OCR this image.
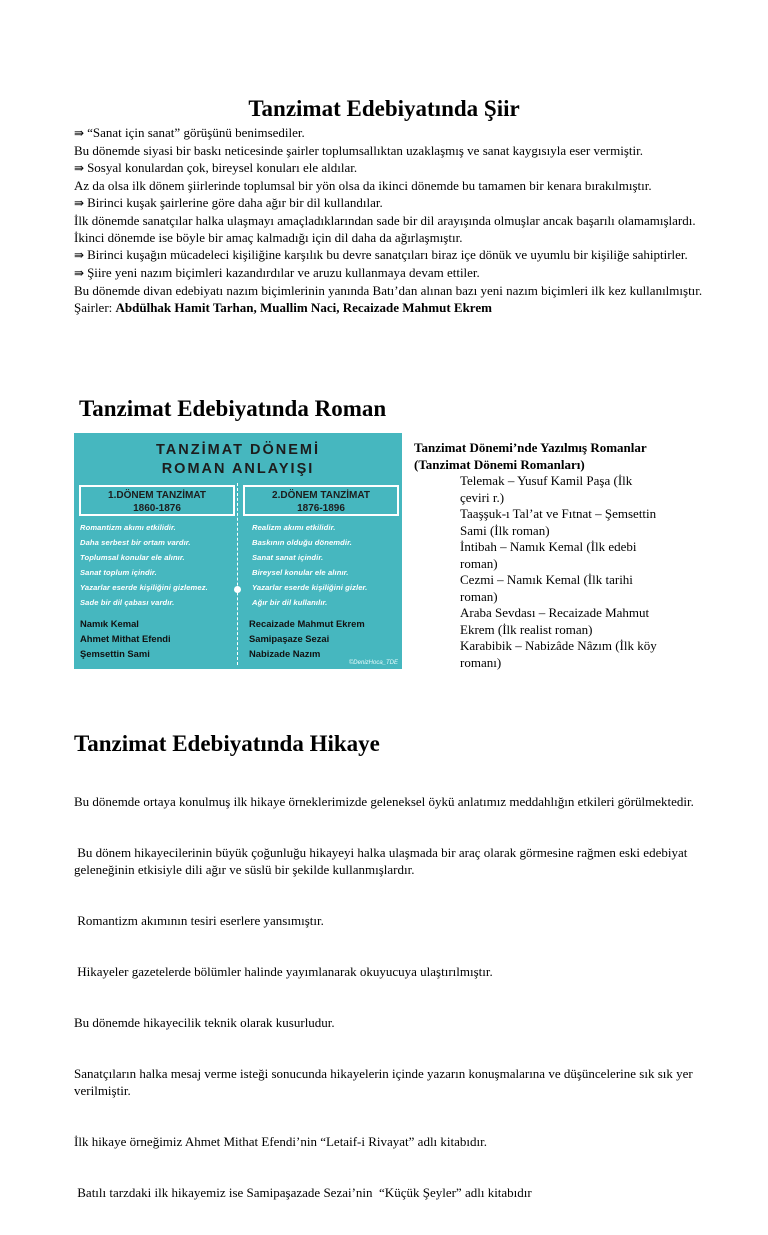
Tanzimat Edebiyatında Şiir

⇛ “Sanat için sanat” görüşünü benimsediler.

Bu dönemde siyasi bir baskı neticesinde şairler toplumsallıktan uzaklaşmış ve sanat kaygısıyla eser vermiştir.

⇛ Sosyal konulardan çok, bireysel konuları ele aldılar.

Az da olsa ilk dönem şiirlerinde toplumsal bir yön olsa da ikinci dönemde bu tamamen bir kenara bırakılmıştır.

⇛ Birinci kuşak şairlerine göre daha ağır bir dil kullandılar.

İlk dönemde sanatçılar halka ulaşmayı amaçladıklarından sade bir dil arayışında olmuşlar ancak başarılı olamamışlardı. İkinci dönemde ise böyle bir amaç kalmadığı için dil daha da ağırlaşmıştır.

⇛ Birinci kuşağın mücadeleci kişiliğine karşılık bu devre sanatçıları biraz içe dönük ve uyumlu bir kişiliğe sahiptirler.

⇛ Şiire yeni nazım biçimleri kazandırdılar ve aruzu kullanmaya devam ettiler.

Bu dönemde divan edebiyatı nazım biçimlerinin yanında Batı’dan alınan bazı yeni nazım biçimleri ilk kez kullanılmıştır.

Şairler: Abdülhak Hamit Tarhan, Muallim Naci, Recaizade Mahmut Ekrem

Tanzimat Edebiyatında Roman
TANZİMAT DÖNEMİ
ROMAN ANLAYIŞI
©DenizHoca_TDE
1.DÖNEM TANZİMAT
1860-1876
2.DÖNEM TANZİMAT
1876-1896
Romantizm akımı etkilidir.
Daha serbest bir ortam vardır.
Toplumsal konular ele alınır.
Sanat toplum içindir.
Yazarlar eserde kişiliğini gizlemez.
Sade bir dil çabası vardır.
Realizm akımı etkilidir.
Baskının olduğu dönemdir.
Sanat sanat içindir.
Bireysel konular ele alınır.
Yazarlar eserde kişiliğini gizler.
Ağır bir dil kullanılır.
Namık Kemal
Ahmet Mithat Efendi
Şemsettin Sami
Recaizade Mahmut Ekrem
Samipaşaze Sezai
Nabizade Nazım
Tanzimat Dönemi’nde Yazılmış Romanlar
(Tanzimat Dönemi Romanları)
Telemak – Yusuf Kamil Paşa (İlk
çeviri r.)
Taaşşuk-ı Tal’at ve Fıtnat – Şemsettin
Sami (İlk roman)
İntibah – Namık Kemal (İlk edebi
roman)
Cezmi – Namık Kemal (İlk tarihi
roman)
Araba Sevdası – Recaizade Mahmut
Ekrem (İlk realist roman)
Karabibik – Nabizâde Nâzım (İlk köy
romanı)
Tanzimat Edebiyatında Hikaye

Bu dönemde ortaya konulmuş ilk hikaye örneklerimizde geleneksel öykü anlatımız meddahlığın etkileri görülmektedir.

Bu dönem hikayecilerinin büyük çoğunluğu hikayeyi halka ulaşmada bir araç olarak görmesine rağmen eski edebiyat geleneğinin etkisiyle dili ağır ve süslü bir şekilde kullanmışlardır.

Romantizm akımının tesiri eserlere yansımıştır.

Hikayeler gazetelerde bölümler halinde yayımlanarak okuyucuya ulaştırılmıştır.

Bu dönemde hikayecilik teknik olarak kusurludur.

Sanatçıların halka mesaj verme isteği sonucunda hikayelerin içinde yazarın konuşmalarına ve düşüncelerine sık sık yer verilmiştir.

İlk hikaye örneğimiz Ahmet Mithat Efendi’nin “Letaif-i Rivayat” adlı kitabıdır.

Batılı tarzdaki ilk hikayemiz ise Samipaşazade Sezai’nin  “Küçük Şeyler” adlı kitabıdır
